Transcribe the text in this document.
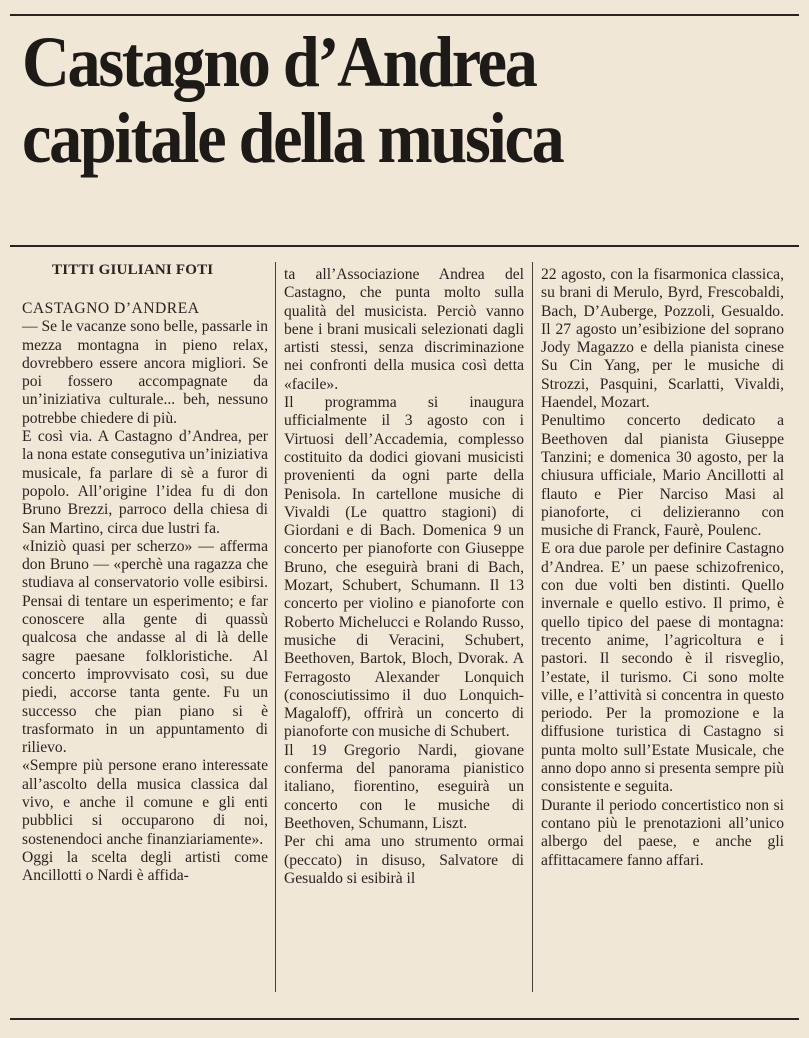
Castagno d’Andrea
capitale della musica
TITTI GIULIANI FOTI

CASTAGNO D’ANDREA

— Se le vacanze sono belle, passarle in mezza montagna in pieno relax, dovrebbero essere ancora migliori. Se poi fossero accompagnate da un’iniziativa culturale... beh, nessuno potrebbe chiedere di più.

E così via. A Castagno d’Andrea, per la nona estate consegutiva un’iniziativa musicale, fa parlare di sè a furor di popolo. All’origine l’idea fu di don Bruno Brezzi, parroco della chiesa di San Martino, circa due lustri fa.

«Iniziò quasi per scherzo» — afferma don Bruno — «perchè una ragazza che studiava al conservatorio volle esibirsi. Pensai di tentare un esperimento; e far conoscere alla gente di quassù qualcosa che andasse al di là delle sagre paesane folkloristiche. Al concerto improvvisato così, su due piedi, accorse tanta gente. Fu un successo che pian piano si è trasformato in un appuntamento di rilievo.

«Sempre più persone erano interessate all’ascolto della musica classica dal vivo, e anche il comune e gli enti pubblici si occuparono di noi, sostenendoci anche finanziariamente».

Oggi la scelta degli artisti come Ancillotti o Nardi è affida-

ta all’Associazione Andrea del Castagno, che punta molto sulla qualità del musicista. Perciò vanno bene i brani musicali selezionati dagli artisti stessi, senza discriminazione nei confronti della musica così detta «facile».

Il programma si inaugura ufficialmente il 3 agosto con i Virtuosi dell’Accademia, complesso costituito da dodici giovani musicisti provenienti da ogni parte della Penisola. In cartellone musiche di Vivaldi (Le quattro stagioni) di Giordani e di Bach. Domenica 9 un concerto per pianoforte con Giuseppe Bruno, che eseguirà brani di Bach, Mozart, Schubert, Schumann. Il 13 concerto per violino e pianoforte con Roberto Michelucci e Rolando Russo, musiche di Veracini, Schubert, Beethoven, Bartok, Bloch, Dvorak. A Ferragosto Alexander Lonquich (conosciutissimo il duo Lonquich-Magaloff), offrirà un concerto di pianoforte con musiche di Schubert.

Il 19 Gregorio Nardi, giovane conferma del panorama pianistico italiano, fiorentino, eseguirà un concerto con le musiche di Beethoven, Schumann, Liszt.

Per chi ama uno strumento ormai (peccato) in disuso, Salvatore di Gesualdo si esibirà il

22 agosto, con la fisarmonica classica, su brani di Merulo, Byrd, Frescobaldi, Bach, D’Auberge, Pozzoli, Gesualdo. Il 27 agosto un’esibizione del soprano Jody Magazzo e della pianista cinese Su Cin Yang, per le musiche di Strozzi, Pasquini, Scarlatti, Vivaldi, Haendel, Mozart.

Penultimo concerto dedicato a Beethoven dal pianista Giuseppe Tanzini; e domenica 30 agosto, per la chiusura ufficiale, Mario Ancillotti al flauto e Pier Narciso Masi al pianoforte, ci delizieranno con musiche di Franck, Faurè, Poulenc.

E ora due parole per definire Castagno d’Andrea. E’ un paese schizofrenico, con due volti ben distinti. Quello invernale e quello estivo. Il primo, è quello tipico del paese di montagna: trecento anime, l’agricoltura e i pastori. Il secondo è il risveglio, l’estate, il turismo. Ci sono molte ville, e l’attività si concentra in questo periodo. Per la promozione e la diffusione turistica di Castagno si punta molto sull’Estate Musicale, che anno dopo anno si presenta sempre più consistente e seguita.

Durante il periodo concertistico non si contano più le prenotazioni all’unico albergo del paese, e anche gli affittacamere fanno affari.
